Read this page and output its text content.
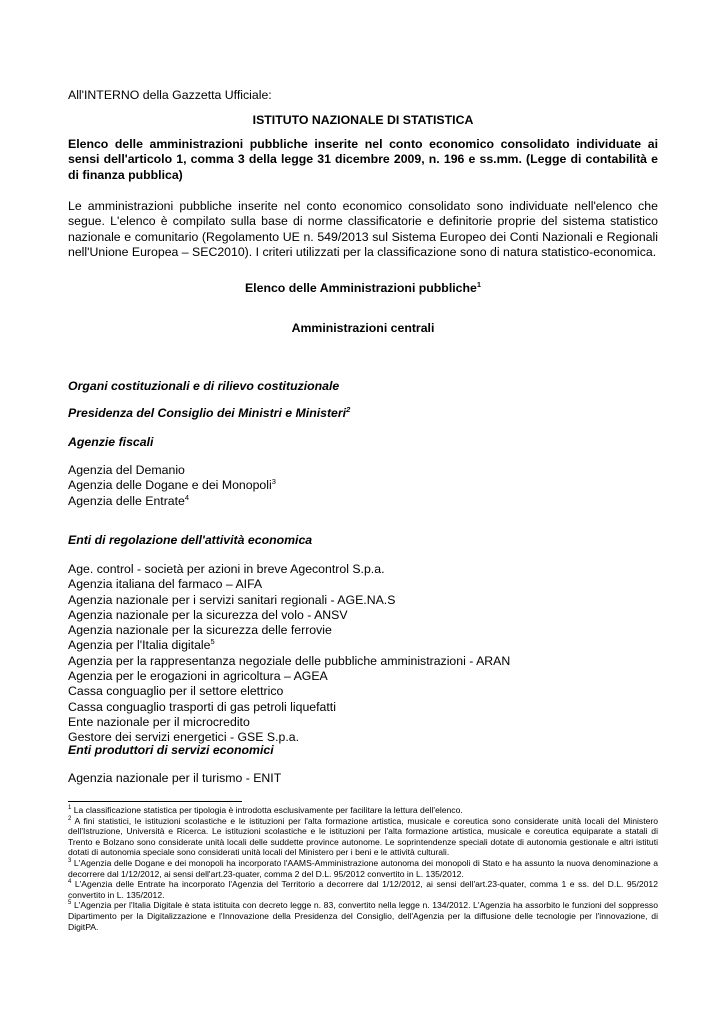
All'INTERNO della Gazzetta Ufficiale:

ISTITUTO NAZIONALE DI STATISTICA

Elenco delle amministrazioni pubbliche inserite nel conto economico consolidato individuate ai sensi dell'articolo 1, comma 3 della legge 31 dicembre 2009, n. 196 e ss.mm. (Legge di contabilità e di finanza pubblica)

Le amministrazioni pubbliche inserite nel conto economico consolidato sono individuate nell'elenco che segue. L'elenco è compilato sulla base di norme classificatorie e definitorie proprie del sistema statistico nazionale e comunitario (Regolamento UE n. 549/2013 sul Sistema Europeo dei Conti Nazionali e Regionali nell'Unione Europea – SEC2010). I criteri utilizzati per la classificazione sono di natura statistico-economica.

Elenco delle Amministrazioni pubbliche$^1$

Amministrazioni centrali

Organi costituzionali e di rilievo costituzionale

Presidenza del Consiglio dei Ministri e Ministeri$^2$

Agenzie fiscali

Agenzia del Demanio
Agenzia delle Dogane e dei Monopoli$^3$
Agenzia delle Entrate$^4$

Enti di regolazione dell'attività economica

Age. control - società per azioni in breve Agecontrol S.p.a.
Agenzia italiana del farmaco – AIFA
Agenzia nazionale per i servizi sanitari regionali - AGE.NA.S
Agenzia nazionale per la sicurezza del volo - ANSV
Agenzia nazionale per la sicurezza delle ferrovie
Agenzia per l'Italia digitale$^5$
Agenzia per la rappresentanza negoziale delle pubbliche amministrazioni - ARAN
Agenzia per le erogazioni in agricoltura – AGEA
Cassa conguaglio per il settore elettrico
Cassa conguaglio trasporti di gas petroli liquefatti
Ente nazionale per il microcredito
Gestore dei servizi energetici - GSE S.p.a.

Enti produttori di servizi economici

Agenzia nazionale per il turismo - ENIT

$^1$ La classificazione statistica per tipologia è introdotta esclusivamente per facilitare la lettura dell'elenco.

$^2$ A fini statistici, le istituzioni scolastiche e le istituzioni per l'alta formazione artistica, musicale e coreutica sono considerate unità locali del Ministero dell'Istruzione, Università e Ricerca. Le istituzioni scolastiche e le istituzioni per l'alta formazione artistica, musicale e coreutica equiparate a statali di Trento e Bolzano sono considerate unità locali delle suddette province autonome. Le soprintendenze speciali dotate di autonomia gestionale e altri istituti dotati di autonomia speciale sono considerati unità locali del Ministero per i beni e le attività culturali.

$^3$ L'Agenzia delle Dogane e dei monopoli ha incorporato l'AAMS-Amministrazione autonoma dei monopoli di Stato e ha assunto la nuova denominazione a decorrere dal 1/12/2012, ai sensi dell'art.23-quater, comma 2 del D.L. 95/2012 convertito in L. 135/2012.

$^4$ L'Agenzia delle Entrate ha incorporato l'Agenzia del Territorio a decorrere dal 1/12/2012, ai sensi dell'art.23-quater, comma 1 e ss. del D.L. 95/2012 convertito in L. 135/2012.

$^5$ L'Agenzia per l'Italia Digitale è stata istituita con decreto legge n. 83, convertito nella legge n. 134/2012. L'Agenzia ha assorbito le funzioni del soppresso Dipartimento per la Digitalizzazione e l'Innovazione della Presidenza del Consiglio, dell'Agenzia per la diffusione delle tecnologie per l'innovazione, di DigitPA.
